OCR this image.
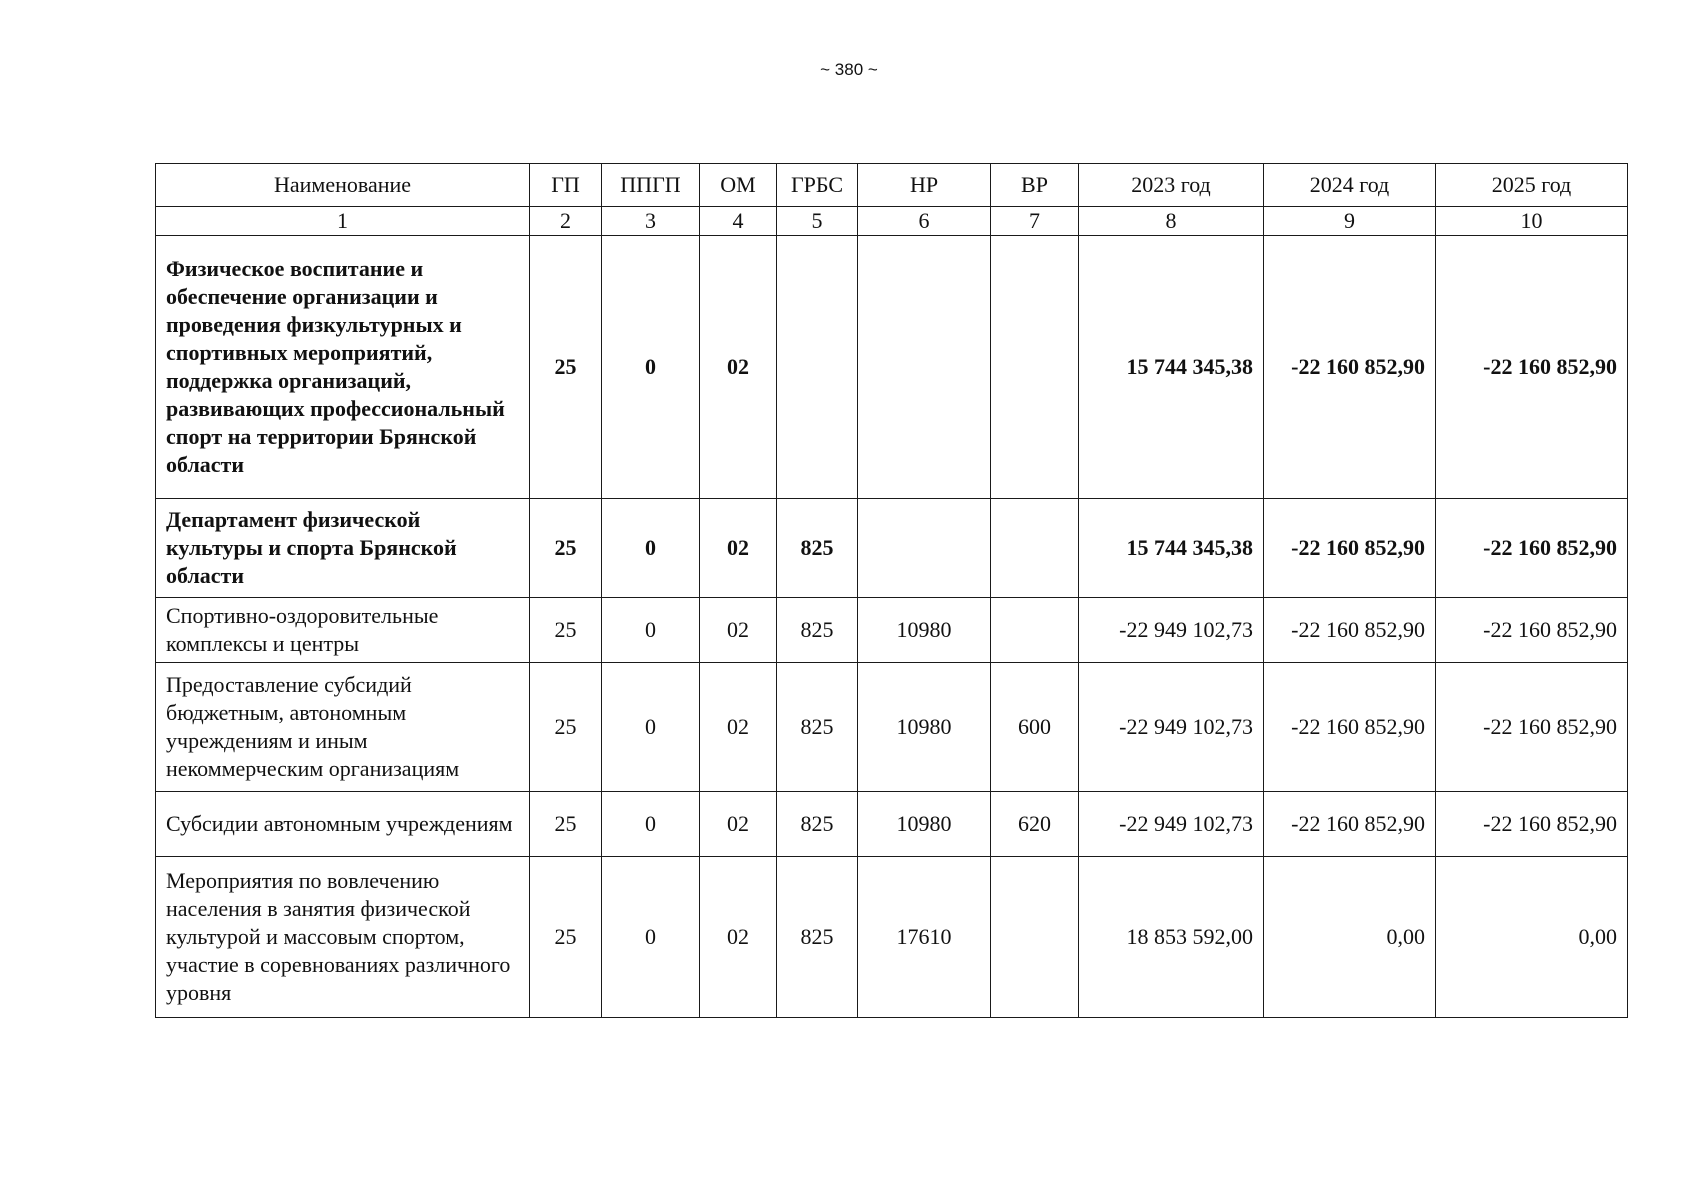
~ 380 ~
Наименование	ГП	ППГП	ОМ	ГРБС	НР	ВР	2023 год	2024 год	2025 год
1	2	3	4	5	6	7	8	9	10
Физическое воспитание и обеспечение организации и проведения физкультурных и спортивных мероприятий, поддержка организаций, развивающих профессиональный спорт на территории Брянской области	25	0	02				15 744 345,38	-22 160 852,90	-22 160 852,90
Департамент физической культуры и спорта Брянской области	25	0	02	825			15 744 345,38	-22 160 852,90	-22 160 852,90
Спортивно-оздоровительные комплексы и центры	25	0	02	825	10980		-22 949 102,73	-22 160 852,90	-22 160 852,90
Предоставление субсидий бюджетным, автономным учреждениям и иным некоммерческим организациям	25	0	02	825	10980	600	-22 949 102,73	-22 160 852,90	-22 160 852,90
Субсидии автономным учреждениям	25	0	02	825	10980	620	-22 949 102,73	-22 160 852,90	-22 160 852,90
Мероприятия по вовлечению населения в занятия физической культурой и массовым спортом, участие в соревнованиях различного уровня	25	0	02	825	17610		18 853 592,00	0,00	0,00
